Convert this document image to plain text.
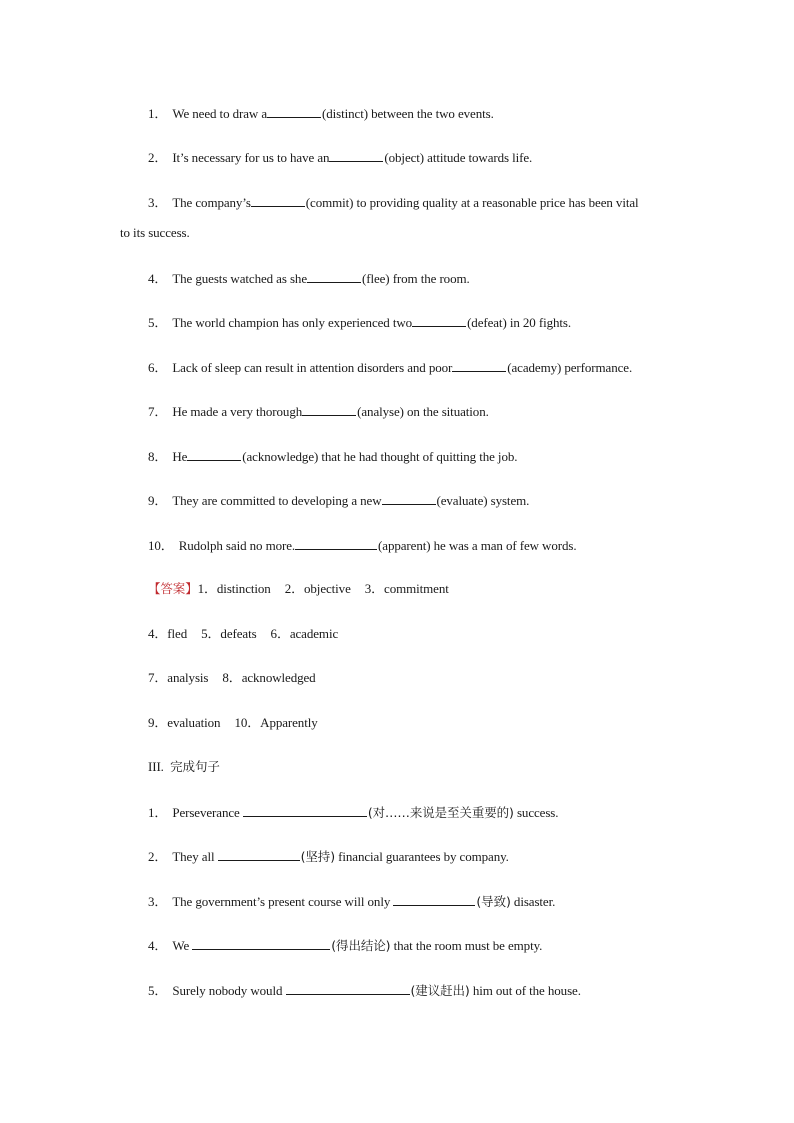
1． We need to draw a	(distinct) between the two events.
2． It’s necessary for us to have an	(object) attitude towards life.
3． The company’s	(commit) to providing quality at a reasonable price has been vital
to its success.
4． The guests watched as she	(flee) from the room.
5． The world champion has only experienced two	(defeat) in 20 fights.
6． Lack of sleep can result in attention disorders and poor	(academy) performance.
7． He made a very thorough	(analyse) on the situation.
8． He	(acknowledge) that he had thought of quitting the job.
9． They are committed to developing a new	(evaluate) system.
10． Rudolph said no more.	(apparent) he was a man of few words.
【答案】1．distinction 2．objective 3．commitment
4．fled 5．defeats 6．academic
7．analysis 8．acknowledged
9．evaluation 10．Apparently
III. 完成句子
1． Perseverance	(对……来说是至关重要的) success.
2． They all	(坚持) financial guarantees by company.
3． The government’s present course will only	(导致) disaster.
4． We	(得出结论) that the room must be empty.
5． Surely nobody would	(建议赶出) him out of the house.
